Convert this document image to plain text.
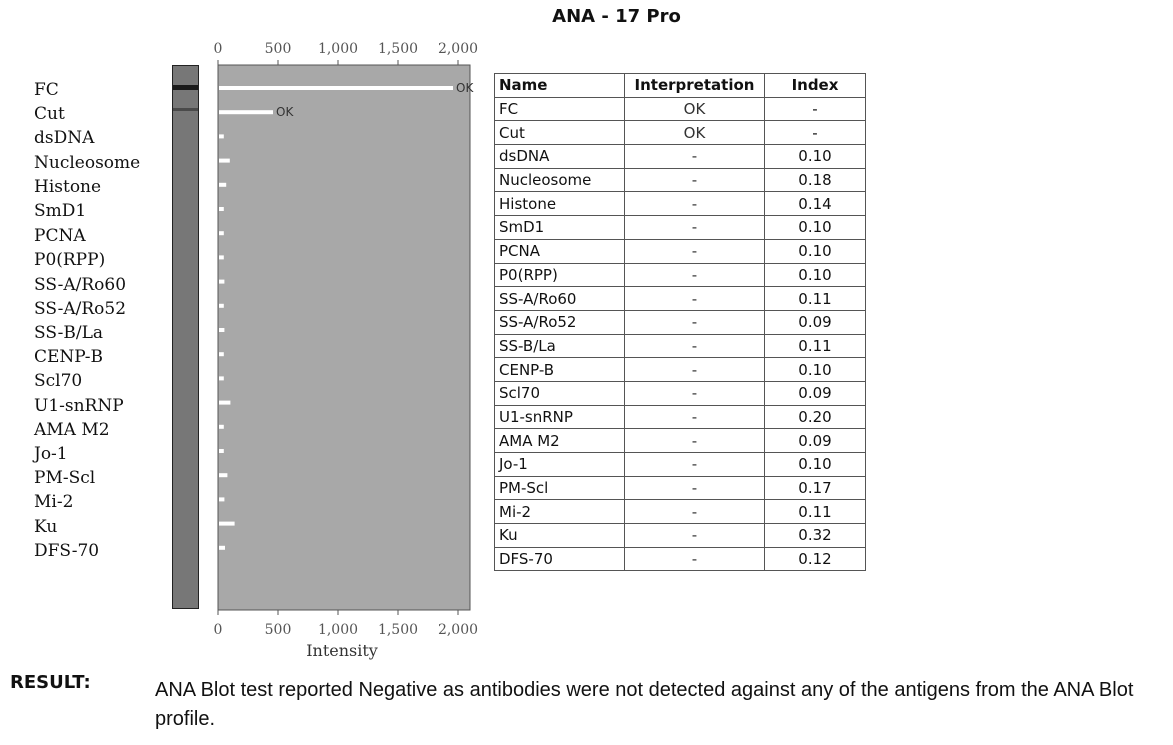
ANA - 17 Pro
FC
Cut
dsDNA
Nucleosome
Histone
SmD1
PCNA
P0(RPP)
SS-A/Ro60
SS-A/Ro52
SS-B/La
CENP-B
Scl70
U1-snRNP
AMA M2
Jo-1
PM-Scl
Mi-2
Ku
DFS-70
0
0
500
500
1,000
1,000
1,500
1,500
2,000
2,000
OK
OK
Intensity
Name	Interpretation	Index
FC	OK	-
Cut	OK	-
dsDNA	-	0.10
Nucleosome	-	0.18
Histone	-	0.14
SmD1	-	0.10
PCNA	-	0.10
P0(RPP)	-	0.10
SS-A/Ro60	-	0.11
SS-A/Ro52	-	0.09
SS-B/La	-	0.11
CENP-B	-	0.10
Scl70	-	0.09
U1-snRNP	-	0.20
AMA M2	-	0.09
Jo-1	-	0.10
PM-Scl	-	0.17
Mi-2	-	0.11
Ku	-	0.32
DFS-70	-	0.12
RESULT:	ANA Blot test reported Negative as antibodies were not detected against any of the antigens from the ANA Blot profile.
